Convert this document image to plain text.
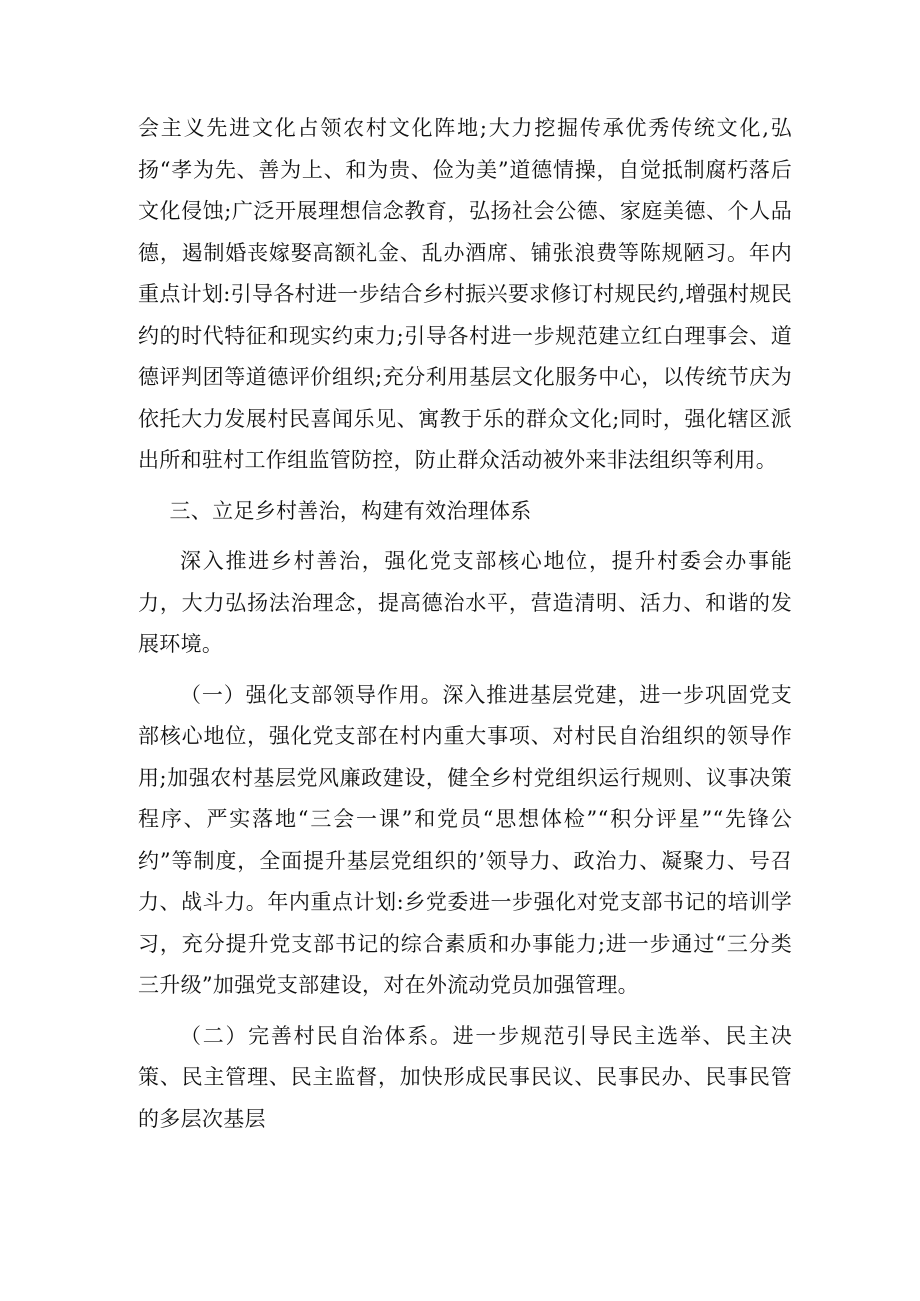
会主义先进文化占领农村文化阵地;大力挖掘传承优秀传统文化,弘扬“孝为先、善为上、和为贵、俭为美”道德情操，自觉抵制腐朽落后文化侵蚀;广泛开展理想信念教育，弘扬社会公德、家庭美德、个人品德，遏制婚丧嫁娶高额礼金、乱办酒席、铺张浪费等陈规陋习。年内重点计划:引导各村进一步结合乡村振兴要求修订村规民约,增强村规民约的时代特征和现实约束力;引导各村进一步规范建立红白理事会、道德评判团等道德评价组织;充分利用基层文化服务中心，以传统节庆为依托大力发展村民喜闻乐见、寓教于乐的群众文化;同时，强化辖区派出所和驻村工作组监管防控，防止群众活动被外来非法组织等利用。

三、立足乡村善治，构建有效治理体系

深入推进乡村善治，强化党支部核心地位，提升村委会办事能力，大力弘扬法治理念，提高德治水平，营造清明、活力、和谐的发展环境。

（一）强化支部领导作用。深入推进基层党建，进一步巩固党支部核心地位，强化党支部在村内重大事项、对村民自治组织的领导作用;加强农村基层党风廉政建设，健全乡村党组织运行规则、议事决策程序、严实落地“三会一课”和党员“思想体检”“积分评星”“先锋公约”等制度，全面提升基层党组织的’领导力、政治力、凝聚力、号召力、战斗力。年内重点计划:乡党委进一步强化对党支部书记的培训学习，充分提升党支部书记的综合素质和办事能力;进一步通过“三分类三升级”加强党支部建设，对在外流动党员加强管理。

（二）完善村民自治体系。进一步规范引导民主选举、民主决策、民主管理、民主监督，加快形成民事民议、民事民办、民事民管的多层次基层
